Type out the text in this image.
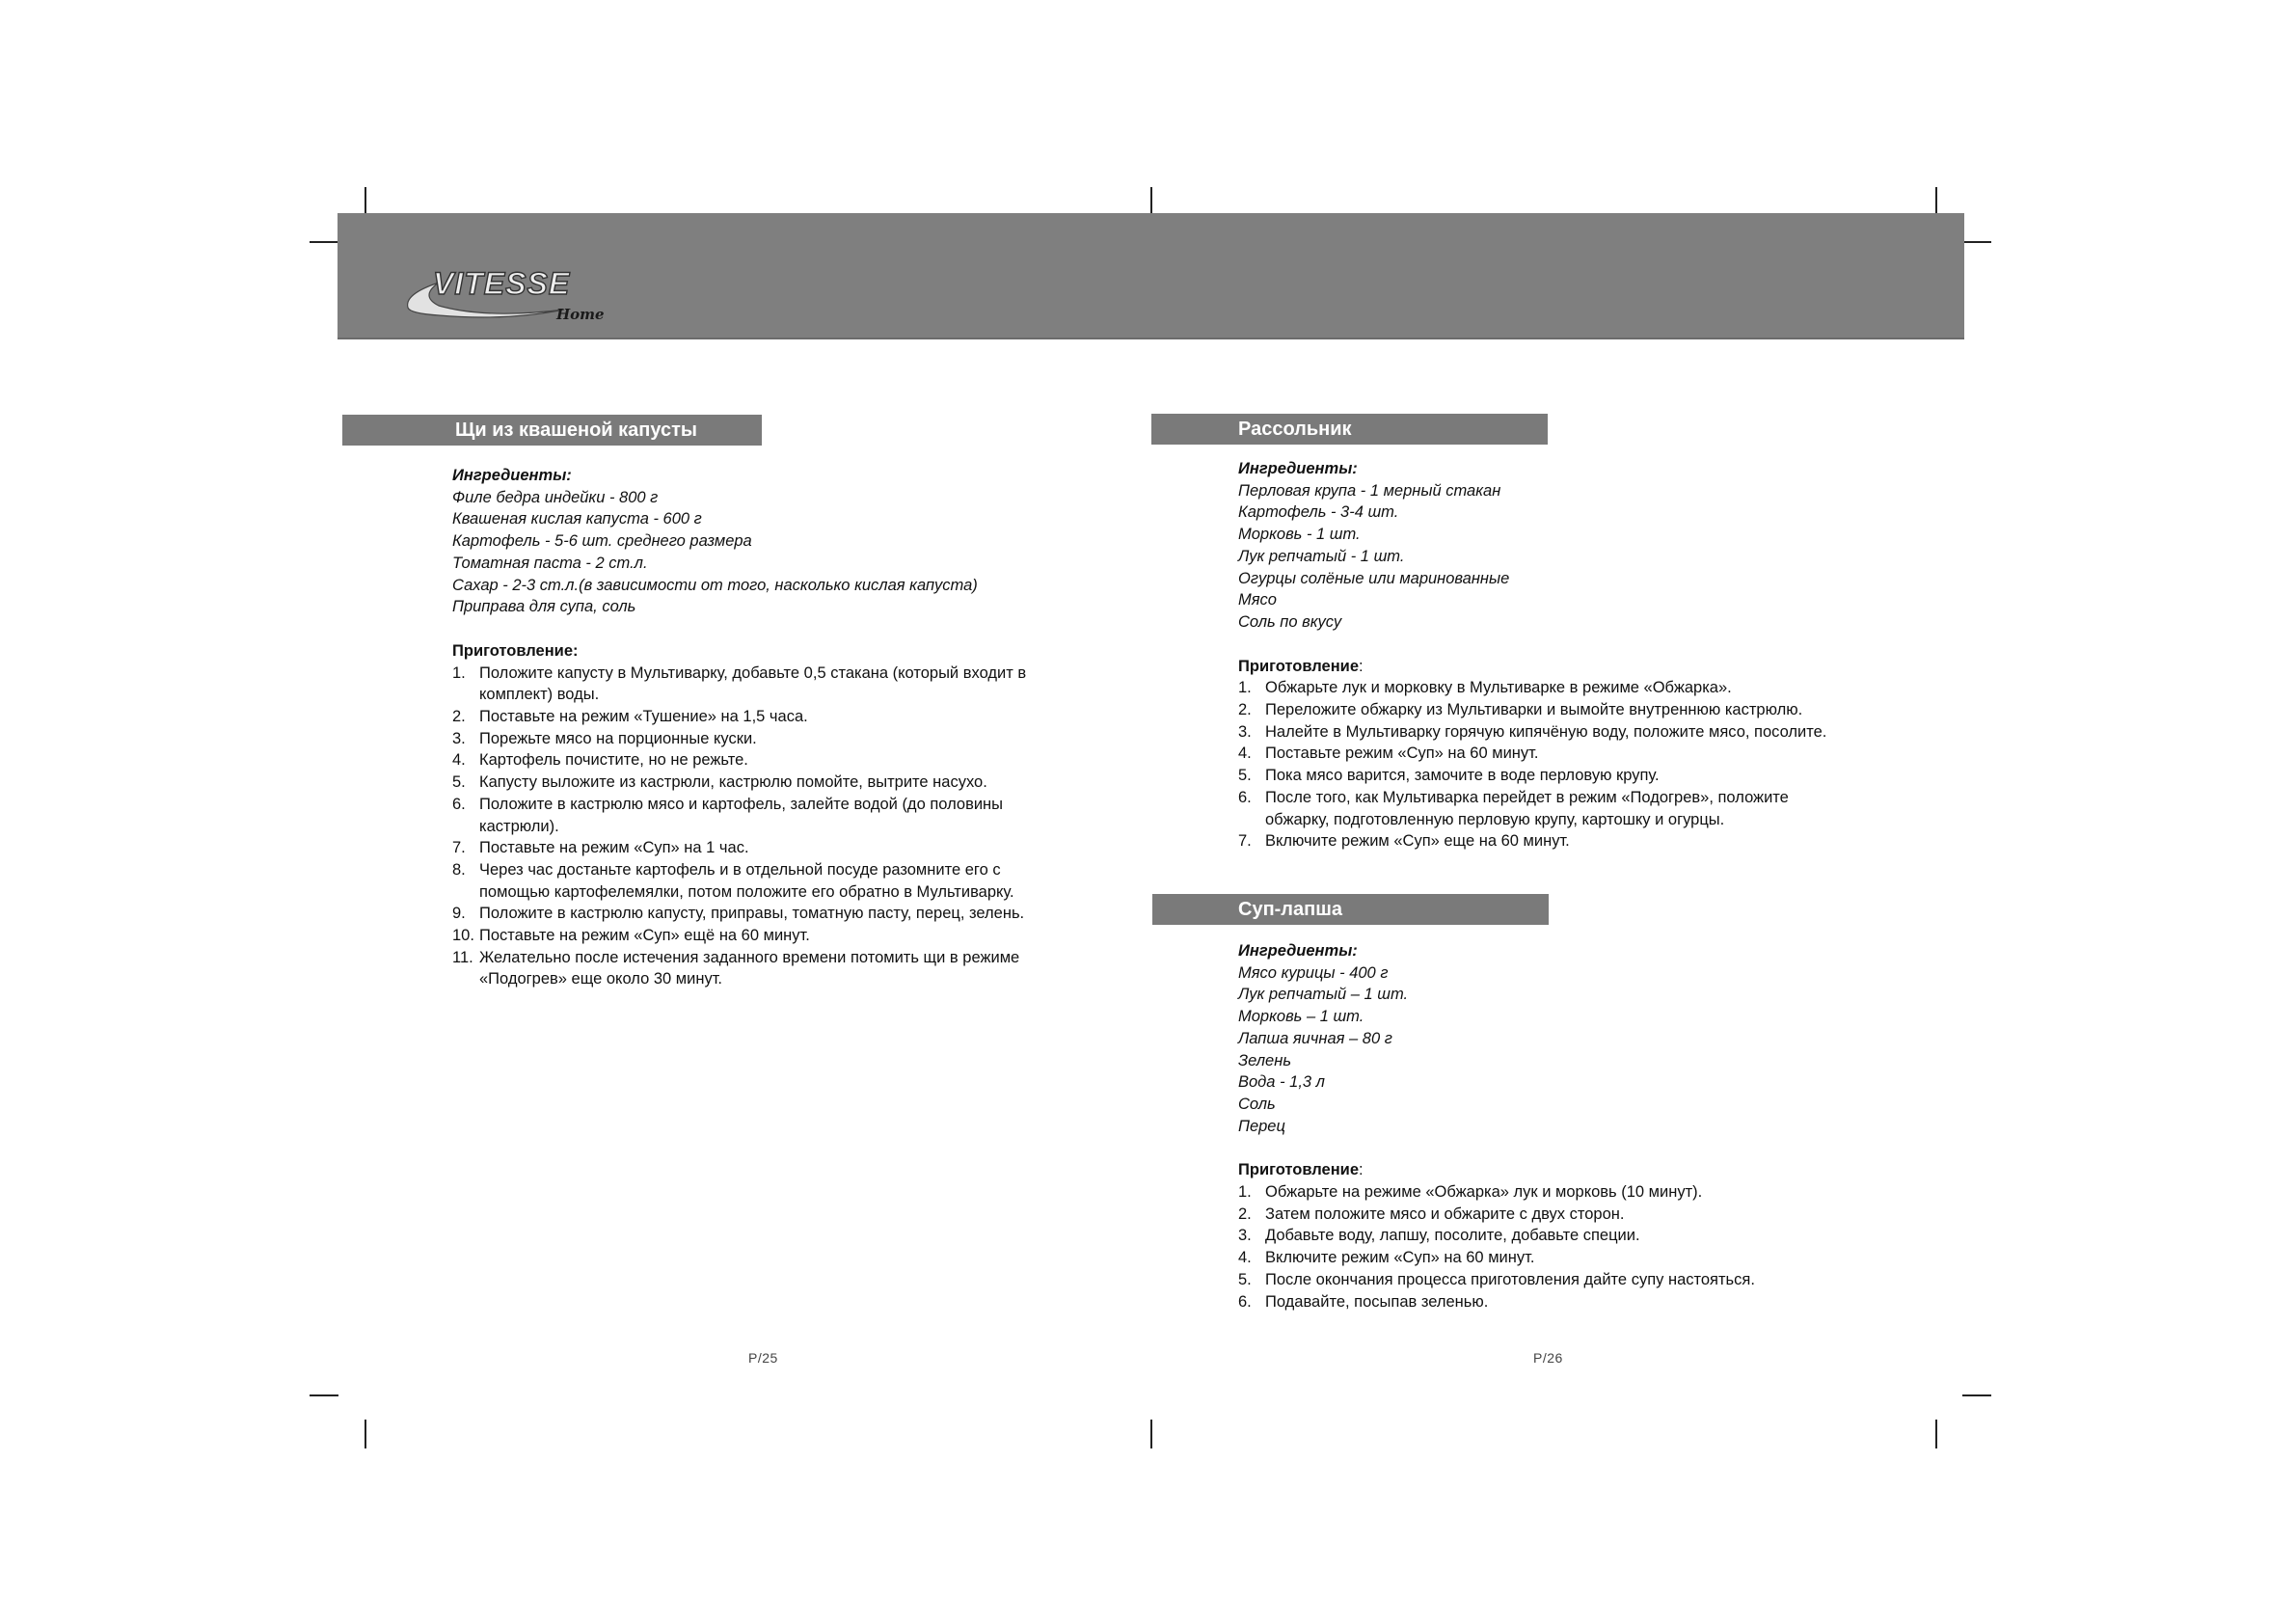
VITESSE
Home
Щи из квашеной капусты
Ингредиенты:
Филе бедра индейки - 800 г
Квашеная кислая капуста - 600 г
Картофель - 5-6 шт. среднего размера
Томатная паста - 2 ст.л.
Сахар - 2-3 ст.л.(в зависимости от того, насколько кислая капуста)
Приправа для супа, соль
Приготовление:
1. Положите капусту в Мультиварку, добавьте 0,5 стакана (который входит в
комплект) воды.
2. Поставьте на режим «Тушение» на 1,5 часа.
3. Порежьте мясо на порционные куски.
4. Картофель почистите, но не режьте.
5. Капусту выложите из кастрюли, кастрюлю помойте, вытрите насухо.
6. Положите в кастрюлю мясо и картофель, залейте водой (до половины
кастрюли).
7. Поставьте на режим «Суп» на 1 час.
8. Через час достаньте картофель и в отдельной посуде разомните его с
помощью картофелемялки, потом положите его обратно в Мультиварку.
9. Положите в кастрюлю капусту, приправы, томатную пасту, перец, зелень.
10. Поставьте на режим «Суп» ещё на 60 минут.
11. Желательно после истечения заданного времени потомить щи в режиме
«Подогрев» еще около 30 минут.
P/25
Рассольник
Ингредиенты:
Перловая крупа - 1 мерный стакан
Картофель - 3-4 шт.
Морковь - 1 шт.
Лук репчатый - 1 шт.
Огурцы солёные или маринованные
Мясо
Соль по вкусу
Приготовление:
1. Обжарьте лук и морковку в Мультиварке в режиме «Обжарка».
2. Переложите обжарку из Мультиварки и вымойте внутреннюю кастрюлю.
3. Налейте в Мультиварку горячую кипячёную воду, положите мясо, посолите.
4. Поставьте режим «Суп» на 60 минут.
5. Пока мясо варится, замочите в воде перловую крупу.
6. После того, как Мультиварка перейдет в режим «Подогрев», положите
обжарку, подготовленную перловую крупу, картошку и огурцы.
7. Включите режим «Суп» еще на 60 минут.
Суп-лапша
Ингредиенты:
Мясо курицы - 400 г
Лук репчатый – 1 шт.
Морковь – 1 шт.
Лапша яичная – 80 г
Зелень
Вода - 1,3 л
Соль
Перец
Приготовление:
1. Обжарьте на режиме «Обжарка» лук и морковь (10 минут).
2. Затем положите мясо и обжарите с двух сторон.
3. Добавьте воду, лапшу, посолите, добавьте специи.
4. Включите режим «Суп» на 60 минут.
5. После окончания процесса приготовления дайте супу настояться.
6. Подавайте, посыпав зеленью.
P/26
